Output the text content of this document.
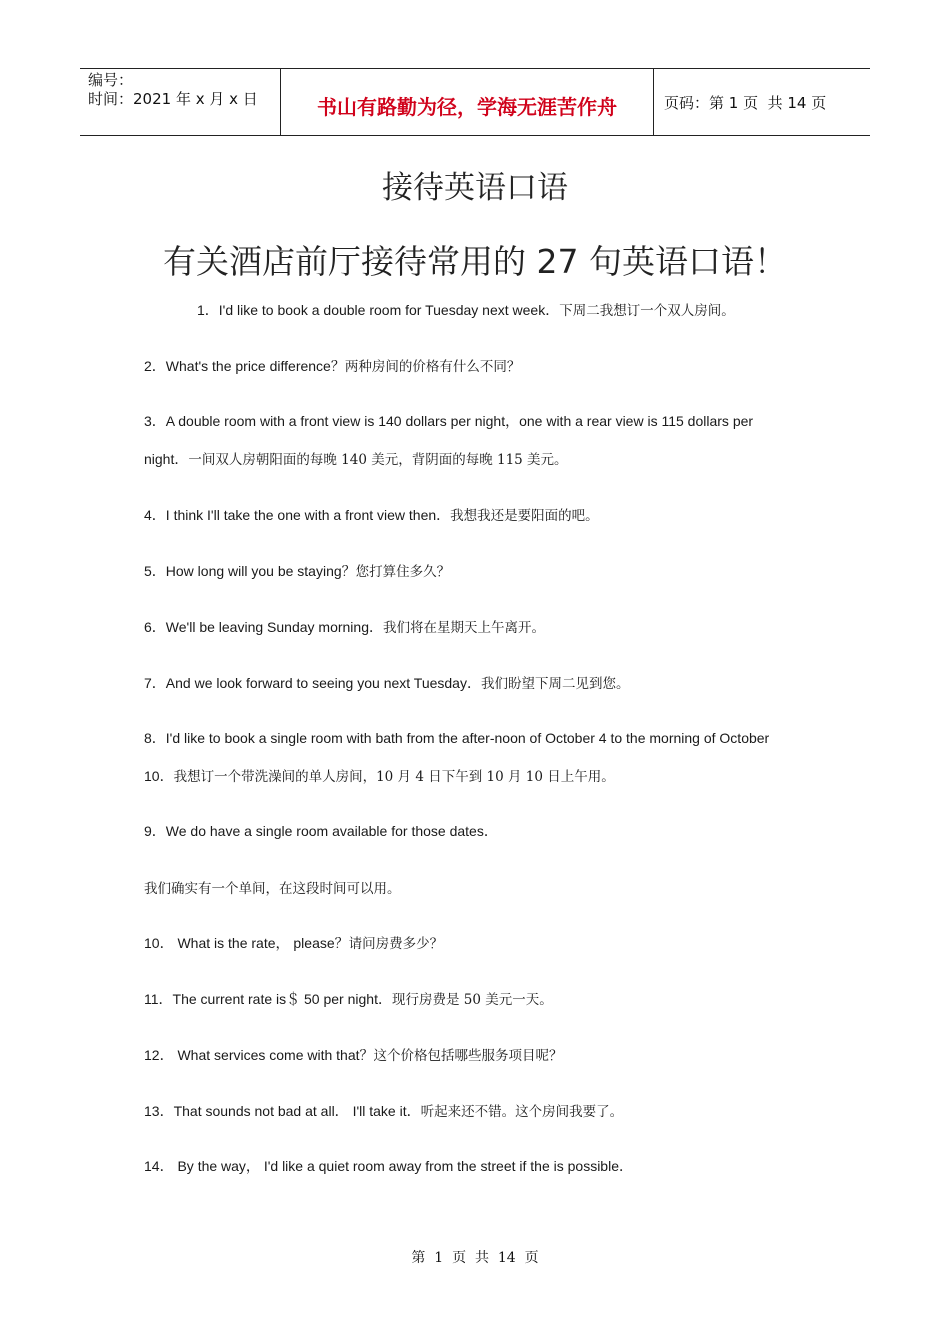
编号：
时间：2021 年 x 月 x 日	书山有路勤为径，学海无涯苦作舟	页码：第 1 页  共 14 页
接待英语口语
有关酒店前厅接待常用的 27 句英语口语！
1．I'd like to book a double room for Tuesday next week．下周二我想订一个双人房间。
2．What's the price difference？两种房间的价格有什么不同？
3．A double room with a front view is 140 dollars per night，one with a rear view is 115 dollars per
night．一间双人房朝阳面的每晚 140 美元，背阴面的每晚 115 美元。
4．I think I'll take the one with a front view then．我想我还是要阳面的吧。
5．How long will you be staying？您打算住多久？
6．We'll be leaving Sunday morning．我们将在星期天上午离开。
7．And we look forward to seeing you next Tuesday．我们盼望下周二见到您。
8．I'd like to book a single room with bath from the after-noon of October 4 to the morning of October
10．我想订一个带洗澡间的单人房间，10 月 4 日下午到 10 月 10 日上午用。
9．We do have a single room available for those dates．
我们确实有一个单间，在这段时间可以用。
10． What is the rate， please？请问房费多少？
11．The current rate is＄ 50 per night．现行房费是 50 美元一天。
12． What services come with that？这个价格包括哪些服务项目呢？
13．That sounds not bad at all． I'll take it．听起来还不错。这个房间我要了。
14． By the way， I'd like a quiet room away from the street if the is possible．
第  1  页  共  14  页
